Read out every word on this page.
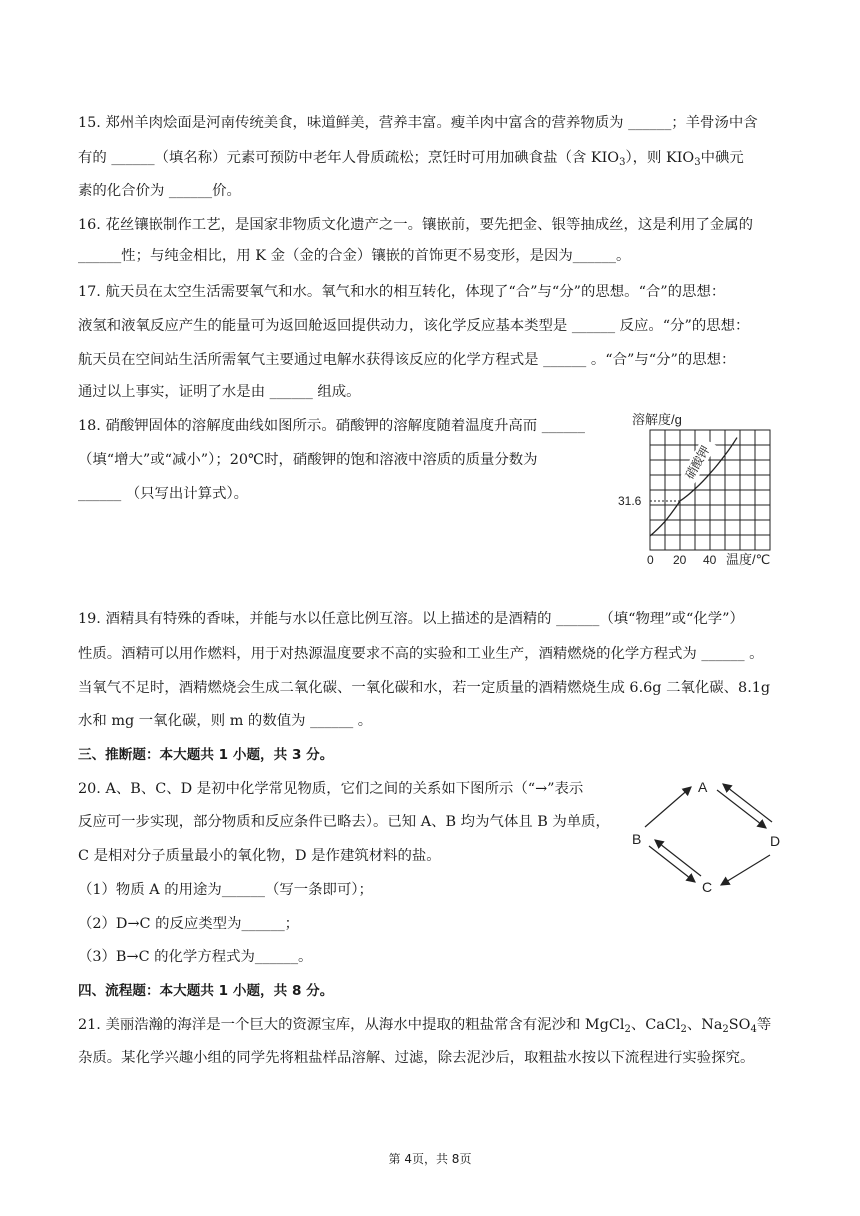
15. 郑州羊肉烩面是河南传统美食，味道鲜美，营养丰富。瘦羊肉中富含的营养物质为 ______；羊骨汤中含
有的 ______（填名称）元素可预防中老年人骨质疏松；烹饪时可用加碘食盐（含 $KIO_3$），则 $KIO_3$中碘元
素的化合价为 ______价。
16. 花丝镶嵌制作工艺，是国家非物质文化遗产之一。镶嵌前，要先把金、银等抽成丝，这是利用了金属的
______性；与纯金相比，用 K 金（金的合金）镶嵌的首饰更不易变形，是因为______。
17. 航天员在太空生活需要氧气和水。氧气和水的相互转化，体现了“合”与“分”的思想。“合”的思想：
液氢和液氧反应产生的能量可为返回舱返回提供动力，该化学反应基本类型是 ______ 反应。“分”的思想：
航天员在空间站生活所需氧气主要通过电解水获得该反应的化学方程式是 ______ 。“合”与“分”的思想：
通过以上事实，证明了水是由 ______ 组成。
18. 硝酸钾固体的溶解度曲线如图所示。硝酸钾的溶解度随着温度升高而 ______
（填“增大”或“减小”）；20℃时，硝酸钾的饱和溶液中溶质的质量分数为
______ （只写出计算式）。
溶解度/g
31.6
0 20 40 温度/℃
硝酸钾
19. 酒精具有特殊的香味，并能与水以任意比例互溶。以上描述的是酒精的 ______（填“物理”或“化学”）
性质。酒精可以用作燃料，用于对热源温度要求不高的实验和工业生产，酒精燃烧的化学方程式为 ______ 。
当氧气不足时，酒精燃烧会生成二氧化碳、一氧化碳和水，若一定质量的酒精燃烧生成 6.6g 二氧化碳、8.1g
水和 mg 一氧化碳，则 m 的数值为 ______ 。
三、推断题：本大题共 1 小题，共 3 分。
20. A、B、C、D 是初中化学常见物质，它们之间的关系如下图所示（“→”表示
反应可一步实现，部分物质和反应条件已略去）。已知 A、B 均为气体且 B 为单质，
C 是相对分子质量最小的氧化物，D 是作建筑材料的盐。
（1）物质 A 的用途为______（写一条即可）；
（2）D→C 的反应类型为______；
（3）B→C 的化学方程式为______。
A
B	D
C
四、流程题：本大题共 1 小题，共 8 分。
21. 美丽浩瀚的海洋是一个巨大的资源宝库，从海水中提取的粗盐常含有泥沙和 MgCl$_2$、CaCl$_2$、$Na_2SO_4$等
杂质。某化学兴趣小组的同学先将粗盐样品溶解、过滤，除去泥沙后，取粗盐水按以下流程进行实验探究。
第 4页，共 8页
